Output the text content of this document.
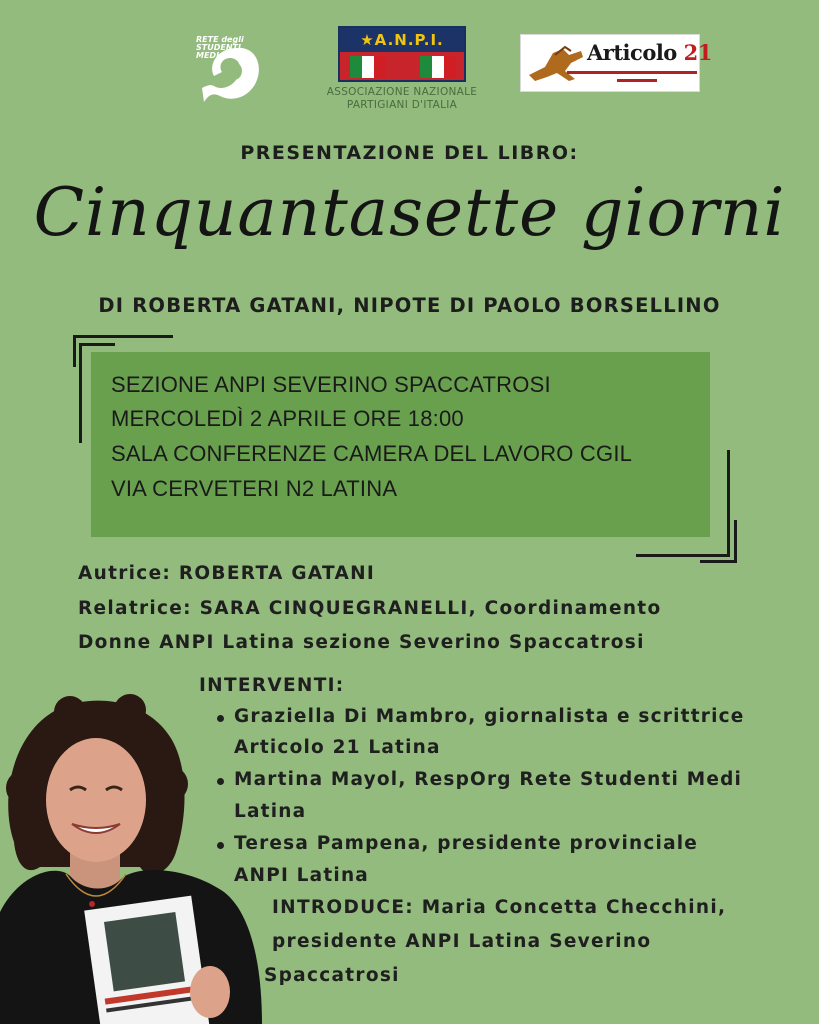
RETE degli STUDENTI MEDI
★A.N.P.I.
ASSOCIAZIONE NAZIONALE
PARTIGIANI D'ITALIA
Articolo 21
PRESENTAZIONE DEL LIBRO:
Cinquantasette giorni
DI ROBERTA GATANI, NIPOTE DI PAOLO BORSELLINO
SEZIONE ANPI SEVERINO SPACCATROSI
MERCOLEDÌ 2 APRILE ORE 18:00
SALA CONFERENZE CAMERA DEL LAVORO CGIL
VIA CERVETERI N2 LATINA
Autrice: ROBERTA GATANI
Relatrice: SARA CINQUEGRANELLI, Coordinamento
Donne ANPI Latina sezione Severino Spaccatrosi
INTERVENTI:
Graziella Di Mambro, giornalista e scrittrice
Articolo 21 Latina
Martina Mayol, RespOrg Rete Studenti Medi
Latina
Teresa Pampena, presidente provinciale
ANPI Latina
INTRODUCE: Maria Concetta Checchini,
presidente ANPI Latina Severino
Spaccatrosi
